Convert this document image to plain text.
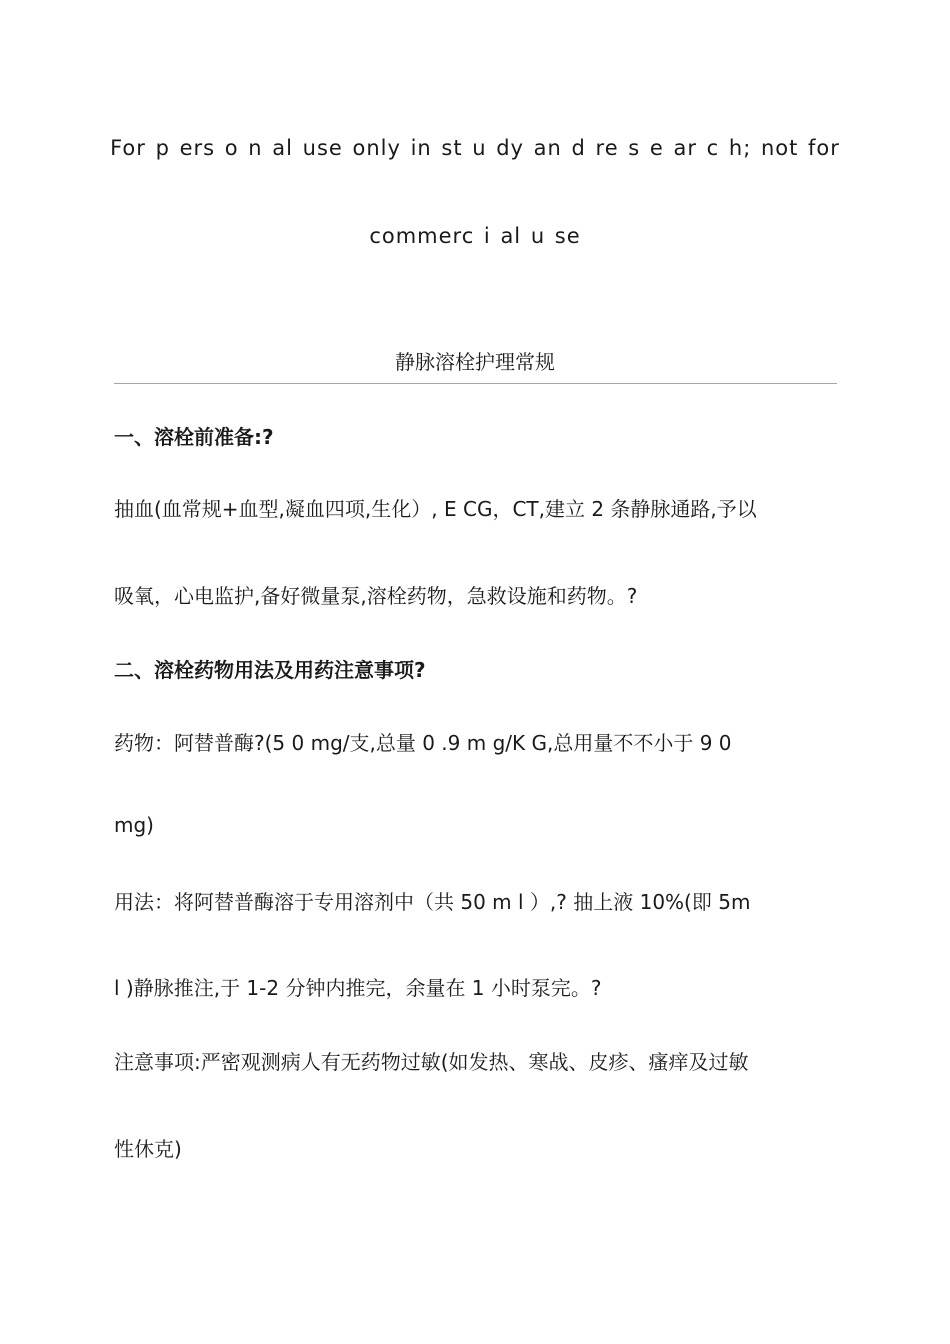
For p ers o n al use only in st u dy an d re s e ar c h; not for
commerc i al u se
静脉溶栓护理常规
一、溶栓前准备:?
抽血(血常规+血型,凝血四项,生化）, E CG，CT,建立 2 条静脉通路,予以
吸氧，心电监护,备好微量泵,溶栓药物，急救设施和药物。?
二、溶栓药物用法及用药注意事项?
药物：阿替普酶?(5 0 mg/支,总量 0 .9 m g/K G,总用量不不小于 9 0
mg)
用法：将阿替普酶溶于专用溶剂中（共 50 m l ）,? 抽上液 10%(即 5m
l )静脉推注,于 1-2 分钟内推完，余量在 1 小时泵完。?
注意事项:严密观测病人有无药物过敏(如发热、寒战、皮疹、瘙痒及过敏
性休克)
